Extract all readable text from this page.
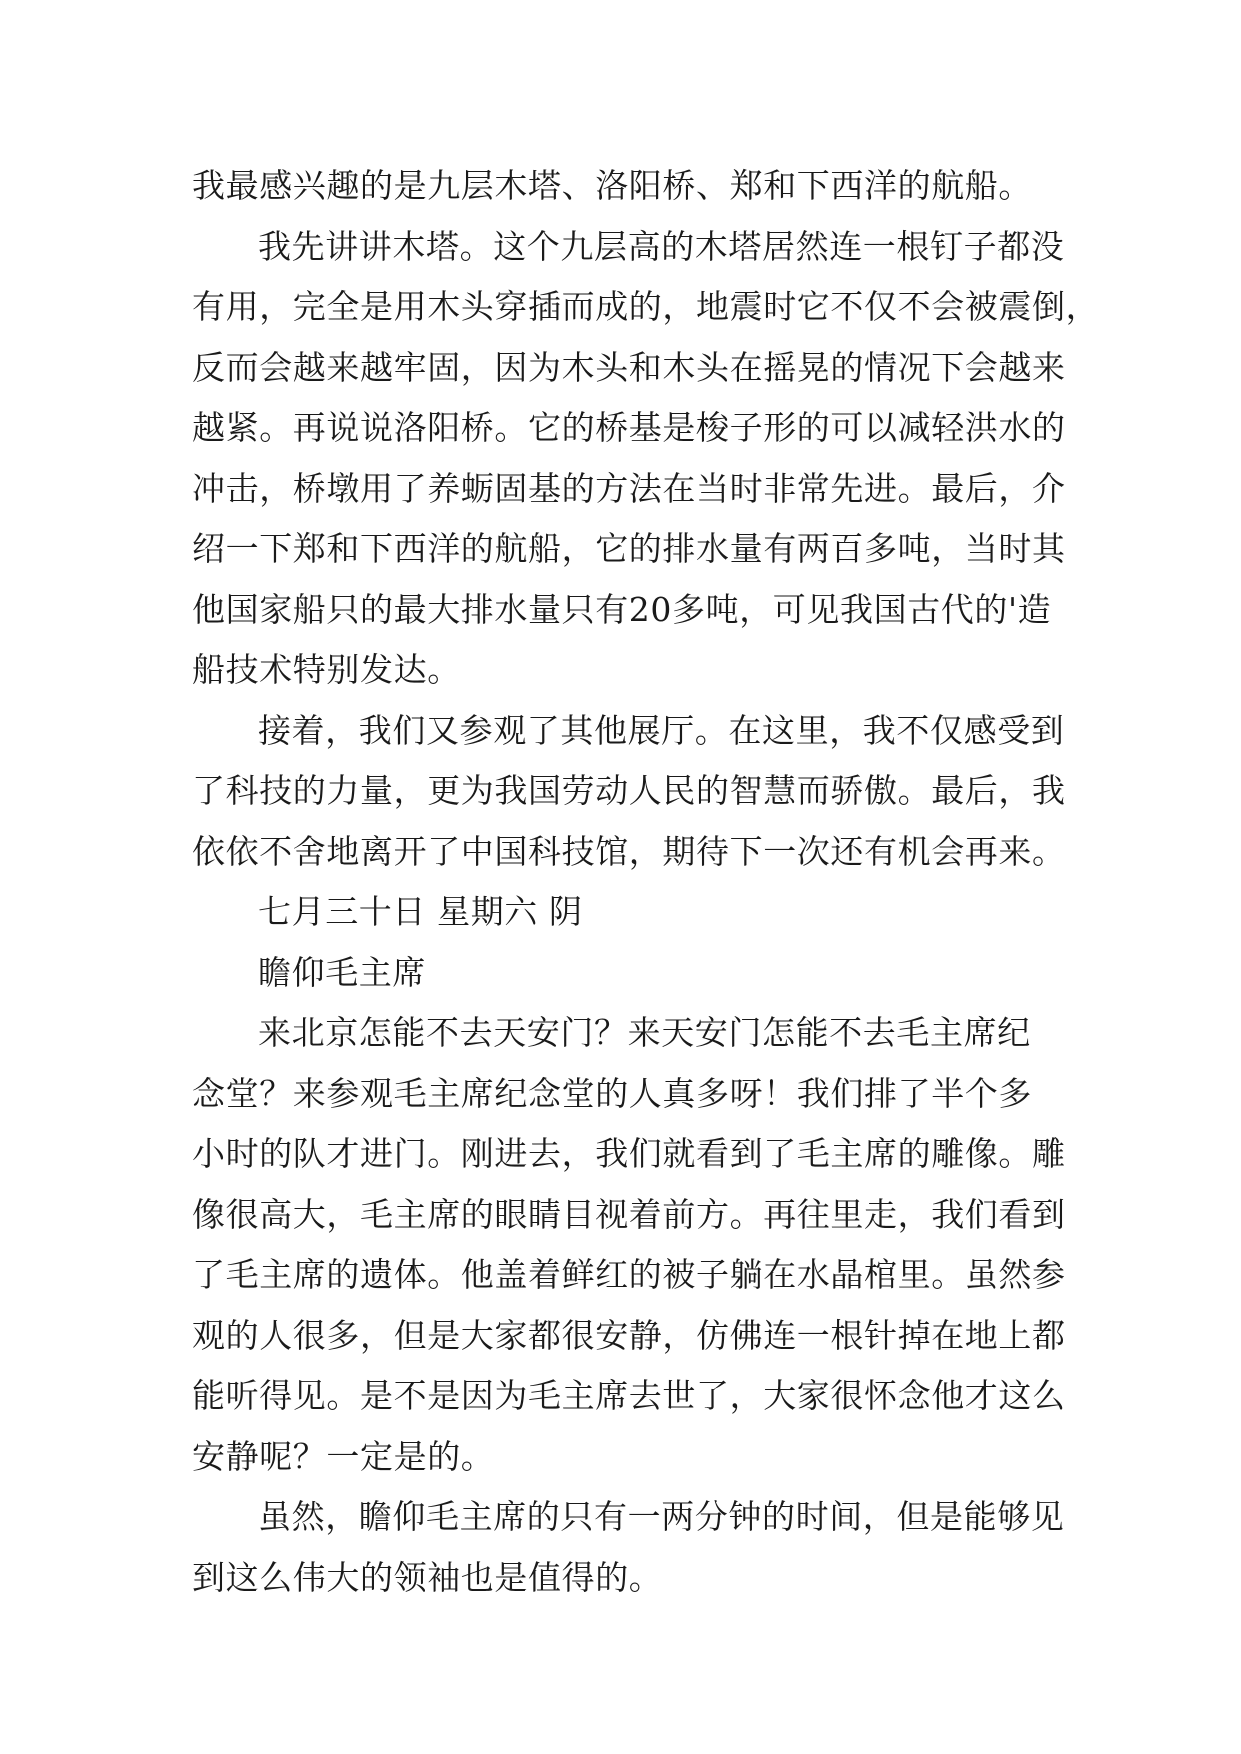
我最感兴趣的是九层木塔、洛阳桥、郑和下西洋的航船。
我先讲讲木塔。这个九层高的木塔居然连一根钉子都没
有用，完全是用木头穿插而成的，地震时它不仅不会被震倒，
反而会越来越牢固，因为木头和木头在摇晃的情况下会越来
越紧。再说说洛阳桥。它的桥基是梭子形的可以减轻洪水的
冲击，桥墩用了养蛎固基的方法在当时非常先进。最后，介
绍一下郑和下西洋的航船，它的排水量有两百多吨，当时其
他国家船只的最大排水量只有20多吨，可见我国古代的'造
船技术特别发达。
接着，我们又参观了其他展厅。在这里，我不仅感受到
了科技的力量，更为我国劳动人民的智慧而骄傲。最后，我
依依不舍地离开了中国科技馆，期待下一次还有机会再来。
七月三十日 星期六 阴
瞻仰毛主席
来北京怎能不去天安门？来天安门怎能不去毛主席纪
念堂？来参观毛主席纪念堂的人真多呀！我们排了半个多
小时的队才进门。刚进去，我们就看到了毛主席的雕像。雕
像很高大，毛主席的眼睛目视着前方。再往里走，我们看到
了毛主席的遗体。他盖着鲜红的被子躺在水晶棺里。虽然参
观的人很多，但是大家都很安静，仿佛连一根针掉在地上都
能听得见。是不是因为毛主席去世了，大家很怀念他才这么
安静呢？一定是的。
虽然，瞻仰毛主席的只有一两分钟的时间，但是能够见
到这么伟大的领袖也是值得的。
